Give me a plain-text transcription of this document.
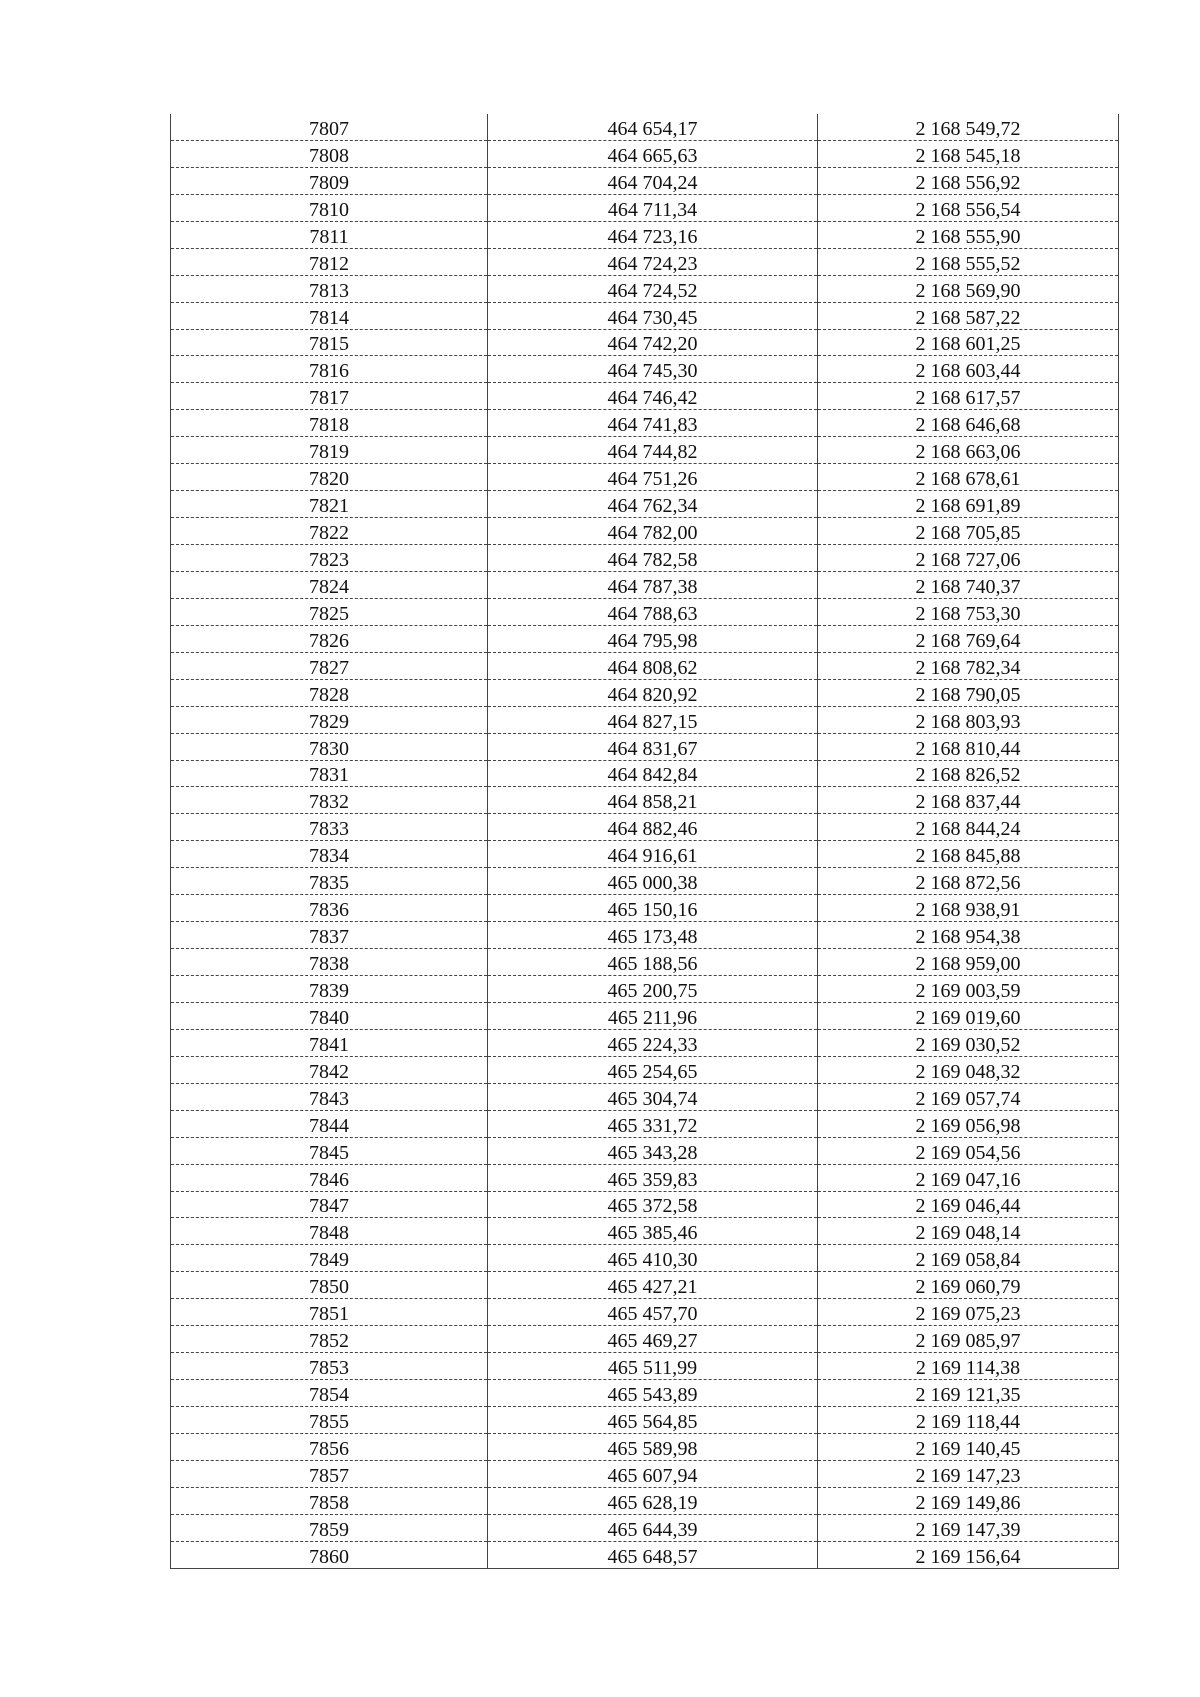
7807	464 654,17	2 168 549,72
7808	464 665,63	2 168 545,18
7809	464 704,24	2 168 556,92
7810	464 711,34	2 168 556,54
7811	464 723,16	2 168 555,90
7812	464 724,23	2 168 555,52
7813	464 724,52	2 168 569,90
7814	464 730,45	2 168 587,22
7815	464 742,20	2 168 601,25
7816	464 745,30	2 168 603,44
7817	464 746,42	2 168 617,57
7818	464 741,83	2 168 646,68
7819	464 744,82	2 168 663,06
7820	464 751,26	2 168 678,61
7821	464 762,34	2 168 691,89
7822	464 782,00	2 168 705,85
7823	464 782,58	2 168 727,06
7824	464 787,38	2 168 740,37
7825	464 788,63	2 168 753,30
7826	464 795,98	2 168 769,64
7827	464 808,62	2 168 782,34
7828	464 820,92	2 168 790,05
7829	464 827,15	2 168 803,93
7830	464 831,67	2 168 810,44
7831	464 842,84	2 168 826,52
7832	464 858,21	2 168 837,44
7833	464 882,46	2 168 844,24
7834	464 916,61	2 168 845,88
7835	465 000,38	2 168 872,56
7836	465 150,16	2 168 938,91
7837	465 173,48	2 168 954,38
7838	465 188,56	2 168 959,00
7839	465 200,75	2 169 003,59
7840	465 211,96	2 169 019,60
7841	465 224,33	2 169 030,52
7842	465 254,65	2 169 048,32
7843	465 304,74	2 169 057,74
7844	465 331,72	2 169 056,98
7845	465 343,28	2 169 054,56
7846	465 359,83	2 169 047,16
7847	465 372,58	2 169 046,44
7848	465 385,46	2 169 048,14
7849	465 410,30	2 169 058,84
7850	465 427,21	2 169 060,79
7851	465 457,70	2 169 075,23
7852	465 469,27	2 169 085,97
7853	465 511,99	2 169 114,38
7854	465 543,89	2 169 121,35
7855	465 564,85	2 169 118,44
7856	465 589,98	2 169 140,45
7857	465 607,94	2 169 147,23
7858	465 628,19	2 169 149,86
7859	465 644,39	2 169 147,39
7860	465 648,57	2 169 156,64
